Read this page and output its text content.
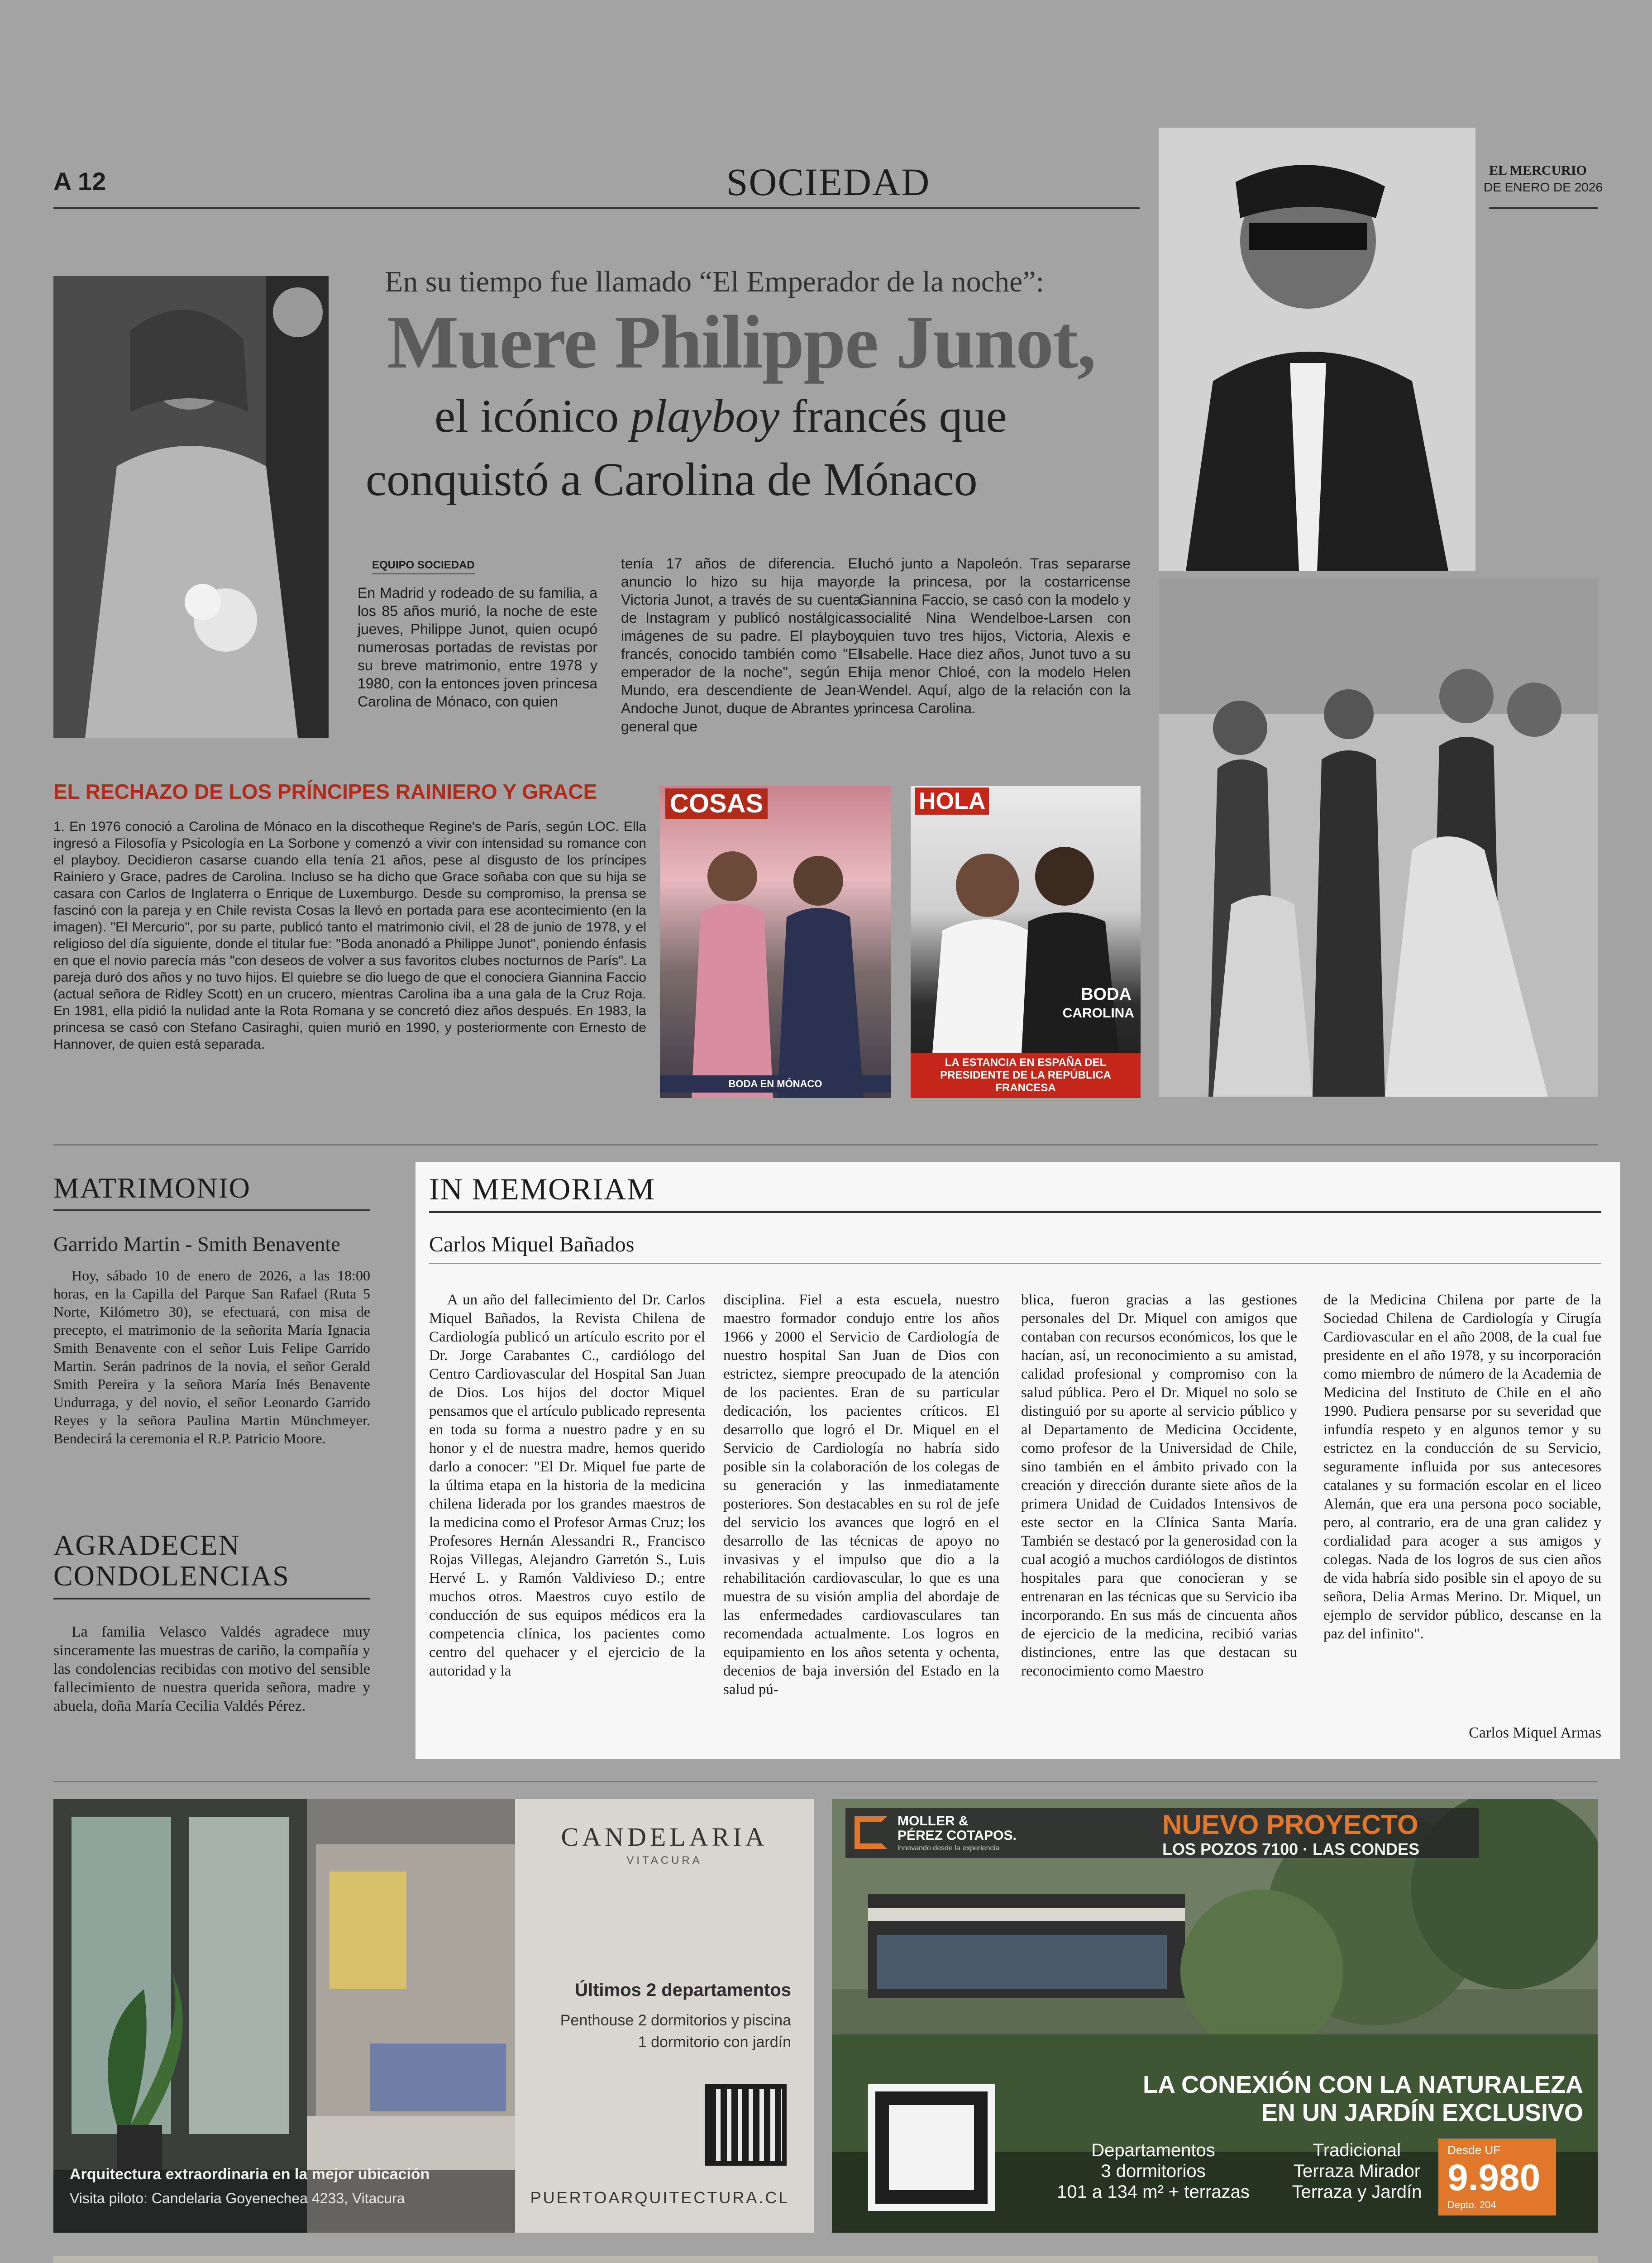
A 12	SOCIEDAD	EL MERCURIO
DE ENERO DE 2026
En su tiempo fue llamado “El Emperador de la noche”:
Muere Philippe Junot,
el icónico playboy francés que
conquistó a Carolina de Mónaco
EQUIPO SOCIEDAD
En Madrid y rodeado de su familia, a los 85 años murió, la noche de este jueves, Philippe Junot, quien ocupó numerosas portadas de revistas por su breve matrimonio, entre 1978 y 1980, con la entonces joven princesa Carolina de Mónaco, con quien
tenía 17 años de diferencia. El anuncio lo hizo su hija mayor, Victoria Junot, a través de su cuenta de Instagram y publicó nostálgicas imágenes de su padre. El playboy francés, conocido también como "El emperador de la noche", según El Mundo, era descendiente de Jean-Andoche Junot, duque de Abrantes y general que
luchó junto a Napoleón. Tras separarse de la princesa, por la costarricense Giannina Faccio, se casó con la modelo y socialité Nina Wendelboe-Larsen con quien tuvo tres hijos, Victoria, Alexis e Isabelle. Hace diez años, Junot tuvo a su hija menor Chloé, con la modelo Helen Wendel. Aquí, algo de la relación con la princesa Carolina.
EL RECHAZO DE LOS PRÍNCIPES RAINIERO Y GRACE
1. En 1976 conoció a Carolina de Mónaco en la discotheque Regine's de París, según LOC. Ella ingresó a Filosofía y Psicología en La Sorbone y comenzó a vivir con intensidad su romance con el playboy. Decidieron casarse cuando ella tenía 21 años, pese al disgusto de los príncipes Rainiero y Grace, padres de Carolina. Incluso se ha dicho que Grace soñaba con que su hija se casara con Carlos de Inglaterra o Enrique de Luxemburgo. Desde su compromiso, la prensa se fascinó con la pareja y en Chile revista Cosas la llevó en portada para ese acontecimiento (en la imagen). "El Mercurio", por su parte, publicó tanto el matrimonio civil, el 28 de junio de 1978, y el religioso del día siguiente, donde el titular fue: "Boda anonadó a Philippe Junot", poniendo énfasis en que el novio parecía más "con deseos de volver a sus favoritos clubes nocturnos de París". La pareja duró dos años y no tuvo hijos. El quiebre se dio luego de que el conociera Giannina Faccio (actual señora de Ridley Scott) en un crucero, mientras Carolina iba a una gala de la Cruz Roja. En 1981, ella pidió la nulidad ante la Rota Romana y se concretó diez años después. En 1983, la princesa se casó con Stefano Casiraghi, quien murió en 1990, y posteriormente con Ernesto de Hannover, de quien está separada.
COSAS
BODA EN MÓNACO
HOLA
BODA
CAROLINA
LA ESTANCIA EN ESPAÑA DEL PRESIDENTE DE LA REPÚBLICA FRANCESA
MATRIMONIO
Garrido Martin - Smith Benavente
Hoy, sábado 10 de enero de 2026, a las 18:00 horas, en la Capilla del Parque San Rafael (Ruta 5 Norte, Kilómetro 30), se efectuará, con misa de precepto, el matrimonio de la señorita María Ignacia Smith Benavente con el señor Luis Felipe Garrido Martin. Serán padrinos de la novia, el señor Gerald Smith Pereira y la señora María Inés Benavente Undurraga, y del novio, el señor Leonardo Garrido Reyes y la señora Paulina Martin Münchmeyer. Bendecirá la ceremonia el R.P. Patricio Moore.
AGRADECEN
CONDOLENCIAS
La familia Velasco Valdés agradece muy sinceramente las muestras de cariño, la compañía y las condolencias recibidas con motivo del sensible fallecimiento de nuestra querida señora, madre y abuela, doña María Cecilia Valdés Pérez.
IN MEMORIAM
Carlos Miquel Bañados
A un año del fallecimiento del Dr. Carlos Miquel Bañados, la Revista Chilena de Cardiología publicó un artículo escrito por el Dr. Jorge Carabantes C., cardiólogo del Centro Cardiovascular del Hospital San Juan de Dios. Los hijos del doctor Miquel pensamos que el artículo publicado representa en toda su forma a nuestro padre y en su honor y el de nuestra madre, hemos querido darlo a conocer: "El Dr. Miquel fue parte de la última etapa en la historia de la medicina chilena liderada por los grandes maestros de la medicina como el Profesor Armas Cruz; los Profesores Hernán Alessandri R., Francisco Rojas Villegas, Alejandro Garretón S., Luis Hervé L. y Ramón Valdivieso D.; entre muchos otros. Maestros cuyo estilo de conducción de sus equipos médicos era la competencia clínica, los pacientes como centro del quehacer y el ejercicio de la autoridad y la
disciplina. Fiel a esta escuela, nuestro maestro formador condujo entre los años 1966 y 2000 el Servicio de Cardiología de nuestro hospital San Juan de Dios con estrictez, siempre preocupado de la atención de los pacientes. Eran de su particular dedicación, los pacientes críticos. El desarrollo que logró el Dr. Miquel en el Servicio de Cardiología no habría sido posible sin la colaboración de los colegas de su generación y las inmediatamente posteriores. Son destacables en su rol de jefe del servicio los avances que logró en el desarrollo de las técnicas de apoyo no invasivas y el impulso que dio a la rehabilitación cardiovascular, lo que es una muestra de su visión amplia del abordaje de las enfermedades cardiovasculares tan recomendada actualmente. Los logros en equipamiento en los años setenta y ochenta, decenios de baja inversión del Estado en la salud pú-
blica, fueron gracias a las gestiones personales del Dr. Miquel con amigos que contaban con recursos económicos, los que le hacían, así, un reconocimiento a su amistad, calidad profesional y compromiso con la salud pública. Pero el Dr. Miquel no solo se distinguió por su aporte al servicio público y al Departamento de Medicina Occidente, como profesor de la Universidad de Chile, sino también en el ámbito privado con la creación y dirección durante siete años de la primera Unidad de Cuidados Intensivos de este sector en la Clínica Santa María. También se destacó por la generosidad con la cual acogió a muchos cardiólogos de distintos hospitales para que conocieran y se entrenaran en las técnicas que su Servicio iba incorporando. En sus más de cincuenta años de ejercicio de la medicina, recibió varias distinciones, entre las que destacan su reconocimiento como Maestro
de la Medicina Chilena por parte de la Sociedad Chilena de Cardiología y Cirugía Cardiovascular en el año 2008, de la cual fue presidente en el año 1978, y su incorporación como miembro de número de la Academia de Medicina del Instituto de Chile en el año 1990. Pudiera pensarse por su severidad que infundía respeto y en algunos temor y su estrictez en la conducción de su Servicio, seguramente influida por sus antecesores catalanes y su formación escolar en el liceo Alemán, que era una persona poco sociable, pero, al contrario, era de una gran calidez y cordialidad para acoger a sus amigos y colegas. Nada de los logros de sus cien años de vida habría sido posible sin el apoyo de su señora, Delia Armas Merino. Dr. Miquel, un ejemplo de servidor público, descanse en la paz del infinito".
Carlos Miquel Armas
Arquitectura extraordinaria en la mejor ubicación
Visita piloto: Candelaria Goyenechea 4233, Vitacura
CANDELARIA
VITACURA
Últimos 2 departamentos
Penthouse 2 dormitorios y piscina
1 dormitorio con jardín
PUERTOARQUITECTURA.CL
MOLLER &
PÉREZ COTAPOS.
innovando desde la experiencia
NUEVO PROYECTO
LOS POZOS 7100 · LAS CONDES
LA CONEXIÓN CON LA NATURALEZA
EN UN JARDÍN EXCLUSIVO
Departamentos
3 dormitorios
101 a 134 m² + terrazas
Tradicional
Terraza Mirador
Terraza y Jardín
Desde UF
9.980
Depto. 204
